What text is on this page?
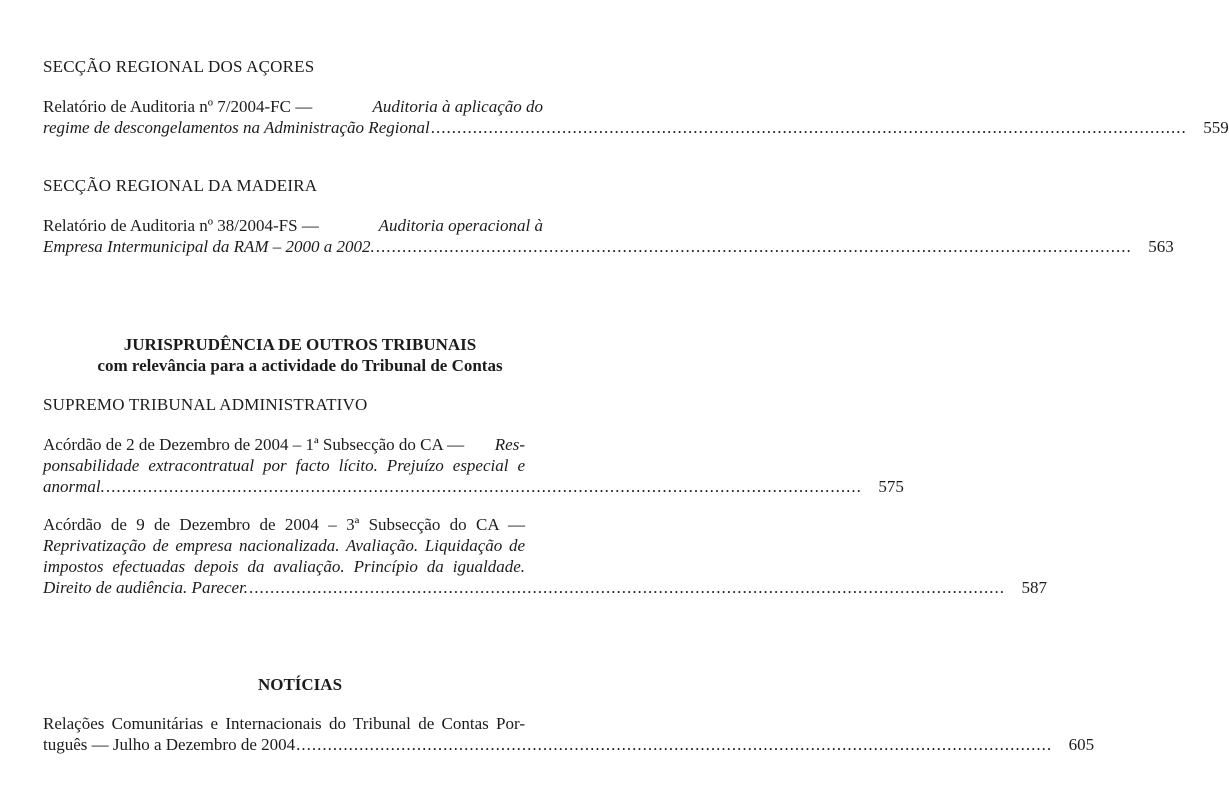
SECÇÃO REGIONAL DOS AÇORES
Relatório de Auditoria nº 7/2004-FC —	Auditoria à aplicação do
regime de descongelamentos na Administração Regional ................................................................................................................................................ 559
SECÇÃO REGIONAL DA MADEIRA
Relatório de Auditoria nº 38/2004-FS —	Auditoria operacional à
Empresa Intermunicipal da RAM – 2000 a 2002. ................................................................................................................................................ 563
JURISPRUDÊNCIA DE OUTROS TRIBUNAIS
com relevância para a actividade do Tribunal de Contas
SUPREMO TRIBUNAL ADMINISTRATIVO
Acórdão de 2 de Dezembro de 2004 – 1ª Subsecção do CA — Res-
ponsabilidade extracontratual por facto lícito. Prejuízo especial e
anormal. ................................................................................................................................................ 575
Acórdão de 9 de Dezembro de 2004 – 3ª Subsecção do CA —
Reprivatização de empresa nacionalizada. Avaliação. Liquidação de
impostos efectuadas depois da avaliação. Princípio da igualdade.
Direito de audiência. Parecer. ................................................................................................................................................ 587
NOTÍCIAS
Relações Comunitárias e Internacionais do Tribunal de Contas Por-
tuguês — Julho a Dezembro de 2004 ................................................................................................................................................ 605
